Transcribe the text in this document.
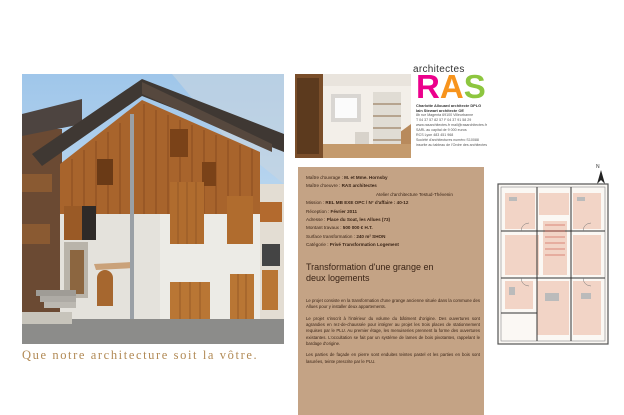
Que notre architecture soit la vôtre.
architectes
RAS
Charlotte Allouard architecte DPLG
Iain Stewart architecte OE
8b rue Magenta 69100 Villeurbanne
T 04 37 57 82 57 F 04 37 91 58 29
www.rasarchitectes.fr mail@rasarchitectes.fr
SARL au capital de 9 000 euros
RCS Lyon 483 451 968
Société d'architectures numéro S10088
inscrite au tableau de l'Ordre des architectes
Maître d'ouvrage : M. et Mme. Hornsby
Maître d'oeuvre : RAS architectes
Atelier d'architecture Testud-Thévenin
Mission : REL MB EXE OPC / N° d'affaire : 40-12
Réception : Février 2011
Adresse : Place du Soat, les Allues (73)
Montant travaux : 500 000 € H.T.
Surface transformation : 240 m² SHON
Catégorie : Privé Transformation Logement
Transformation d'une grange en
deux logements

Le projet consiste en la transformation d'une grange ancienne située dans la commune des Allues pour y installer deux appartements.

Le projet s'inscrit à l'intérieur du volume du bâtiment d'origine. Des ouvertures sont agrandies en rez-de-chaussée pour intégrer au projet les trois places de stationnement requises par le PLU. Au premier étage, les menuiseries prennent la forme des ouvertures existantes. L'occultation se fait par un système de lames de bois pivotantes, rappelant le bardage d'origine.

Les parties de façade en pierre sont enduites teintes pastel et les parties en bois sont lasurées, teinte prescrite par le PLU.

N
